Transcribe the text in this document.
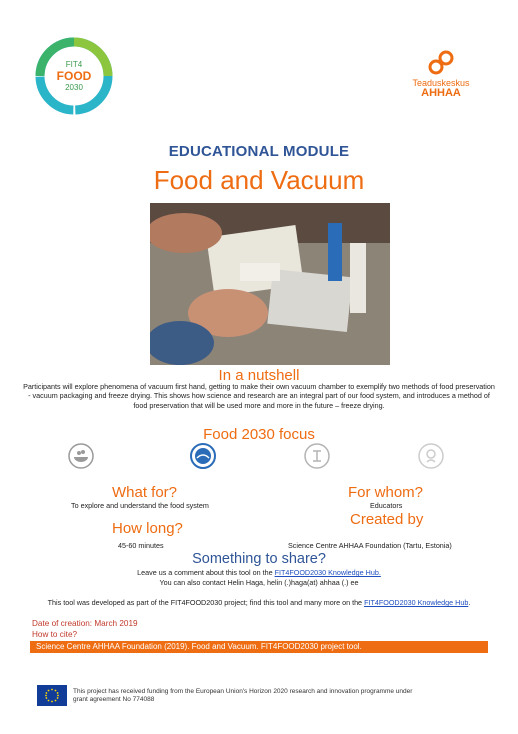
FIT4
FOOD
2030	Teaduskeskus
AHHAA
EDUCATIONAL MODULE
Food and Vacuum
In a nutshell
Participants will explore phenomena of vacuum first hand, getting to make their own vacuum chamber to exemplify two methods of food preservation - vacuum packaging and freeze drying. This shows how science and research are an integral part of our food system, and introduces a method of food preservation that will be used more and more in the future – freeze drying.
Food 2030 focus
What for?
To explore and understand the food system
For whom?
Educators
How long?
45-60 minutes
Created by
Science Centre AHHAA Foundation (Tartu, Estonia)
Something to share?
Leave us a comment about this tool on the FIT4FOOD2030 Knowledge Hub.
You can also contact Helin Haga, helin (.)haga(at) ahhaa (.) ee
This tool was developed as part of the FIT4FOOD2030 project; find this tool and many more on the FIT4FOOD2030 Knowledge Hub.
Date of creation: March 2019
How to cite?
Science Centre AHHAA Foundation (2019). Food and Vacuum. FIT4FOOD2030 project tool.
This project has received funding from the European Union's Horizon 2020 research and innovation programme under
grant agreement No 774088
